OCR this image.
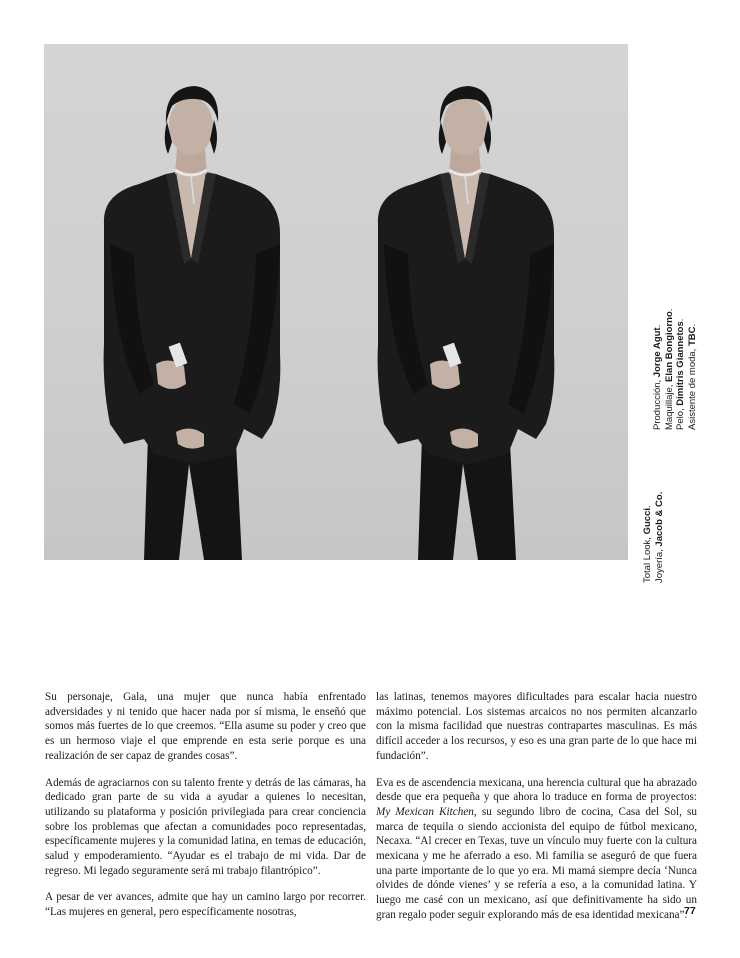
Total Look, Gucci.
Joyería, Jacob & Co.
Producción, Jorge Agut.
Maquillaje, Elan Bongiorno.
Pelo, Dimitris Giannetos.
Asistente de moda, TBC.

Su personaje, Gala, una mujer que nunca había enfrentado adversidades y ni tenido que hacer nada por sí misma, le enseñó que somos más fuertes de lo que creemos. “Ella asume su poder y creo que es un hermoso viaje el que emprende en esta serie porque es una realización de ser capaz de grandes cosas”.

Además de agraciarnos con su talento frente y detrás de las cámaras, ha dedicado gran parte de su vida a ayudar a quienes lo necesitan, utilizando su plataforma y posición privilegiada para crear conciencia sobre los problemas que afectan a comunidades poco representadas, específicamente mujeres y la comunidad latina, en temas de educación, salud y empoderamiento. “Ayudar es el trabajo de mi vida. Dar de regreso. Mi legado seguramente será mi trabajo filantrópico”.

A pesar de ver avances, admite que hay un camino largo por recorrer. “Las mujeres en general, pero específicamente nosotras,

las latinas, tenemos mayores dificultades para escalar hacia nuestro máximo potencial. Los sistemas arcaicos no nos permiten alcanzarlo con la misma facilidad que nuestras contrapartes masculinas. Es más difícil acceder a los recursos, y eso es una gran parte de lo que hace mi fundación”.

Eva es de ascendencia mexicana, una herencia cultural que ha abrazado desde que era pequeña y que ahora lo traduce en forma de proyectos: My Mexican Kitchen, su segundo libro de cocina, Casa del Sol, su marca de tequila o siendo accionista del equipo de fútbol mexicano, Necaxa. “Al crecer en Texas, tuve un vínculo muy fuerte con la cultura mexicana y me he aferrado a eso. Mi familia se aseguró de que fuera una parte importante de lo que yo era. Mi mamá siempre decía ‘Nunca olvides de dónde vienes’ y se refería a eso, a la comunidad latina. Y luego me casé con un mexicano, así que definitivamente ha sido un gran regalo poder seguir explorando más de esa identidad mexicana”.

77
